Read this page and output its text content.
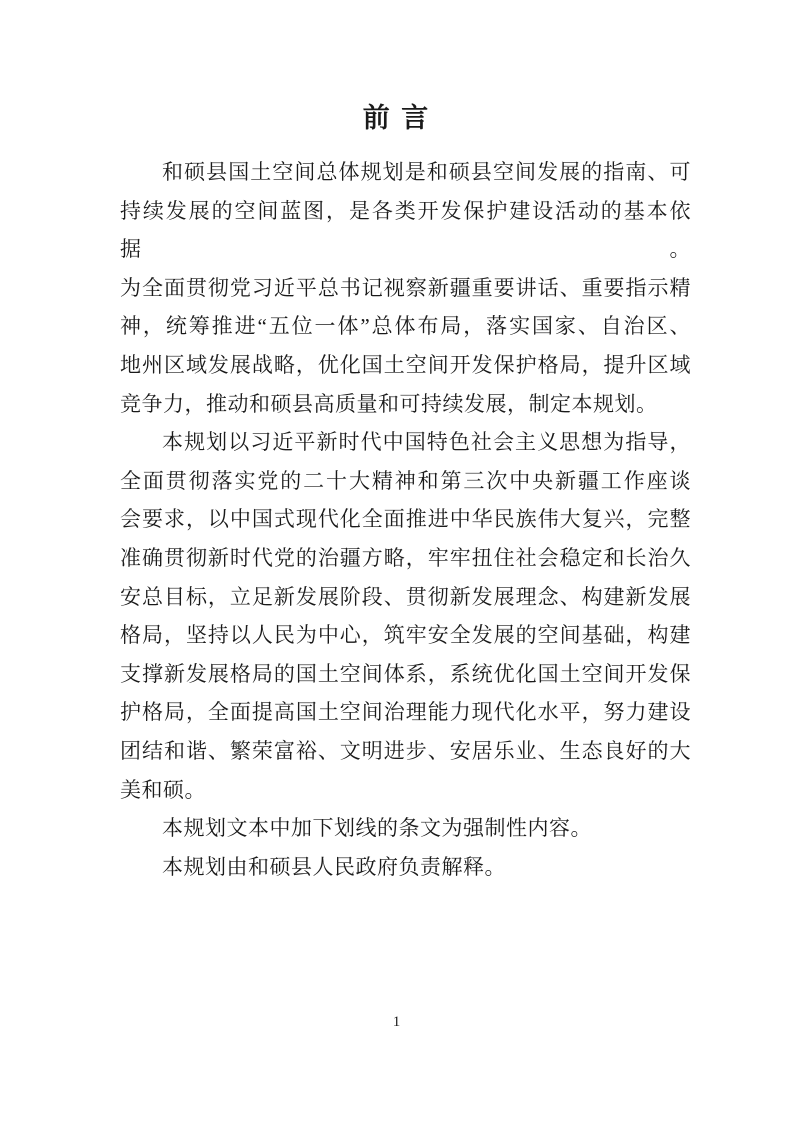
前 言
和硕县国土空间总体规划是和硕县空间发展的指南、可
持续发展的空间蓝图，是各类开发保护建设活动的基本依据。
为全面贯彻党习近平总书记视察新疆重要讲话、重要指示精
神，统筹推进“五位一体”总体布局，落实国家、自治区、
地州区域发展战略，优化国土空间开发保护格局，提升区域
竞争力，推动和硕县高质量和可持续发展，制定本规划。
本规划以习近平新时代中国特色社会主义思想为指导，
全面贯彻落实党的二十大精神和第三次中央新疆工作座谈
会要求，以中国式现代化全面推进中华民族伟大复兴，完整
准确贯彻新时代党的治疆方略，牢牢扭住社会稳定和长治久
安总目标，立足新发展阶段、贯彻新发展理念、构建新发展
格局，坚持以人民为中心，筑牢安全发展的空间基础，构建
支撑新发展格局的国土空间体系，系统优化国土空间开发保
护格局，全面提高国土空间治理能力现代化水平，努力建设
团结和谐、繁荣富裕、文明进步、安居乐业、生态良好的大
美和硕。
本规划文本中加下划线的条文为强制性内容。
本规划由和硕县人民政府负责解释。
1
